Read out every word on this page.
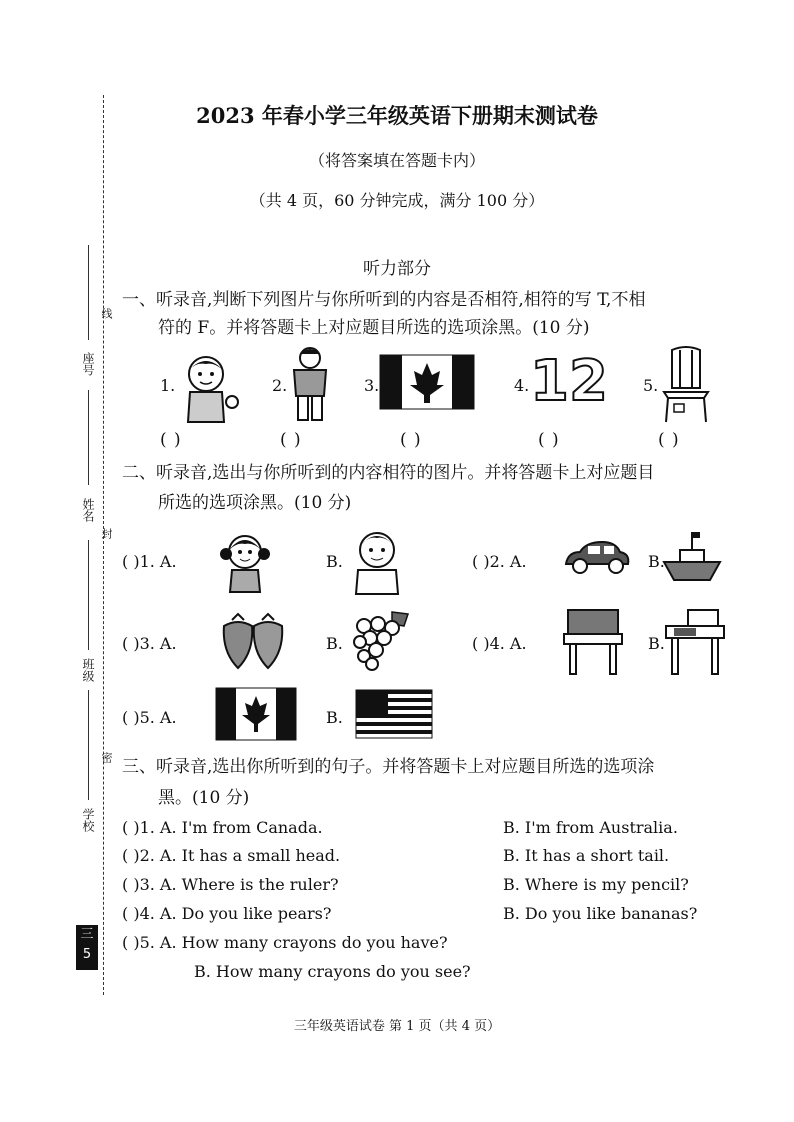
座号
线
姓名
封
班级
密
学校
三
5
2023 年春小学三年级英语下册期末测试卷
（将答案填在答题卡内）
（共 4 页，60 分钟完成，满分 100 分）
听力部分
一、听录音,判断下列图片与你所听到的内容是否相符,相符的写 T,不相
符的 F。并将答题卡上对应题目所选的选项涂黑。(10 分)
1.	2.	3.	4.	5.
12
( )	( )	( )	( )	( )
二、听录音,选出与你所听到的内容相符的图片。并将答题卡上对应题目
所选的选项涂黑。(10 分)
( )1. A.	B.	( )2. A.	B.
( )3. A.	B.	( )4. A.	B.
( )5. A.	B.
三、听录音,选出你所听到的句子。并将答题卡上对应题目所选的选项涂
黑。(10 分)
( )1. A. I'm from Canada.	B. I'm from Australia.
( )2. A. It has a small head.	B. It has a short tail.
( )3. A. Where is the ruler?	B. Where is my pencil?
( )4. A. Do you like pears?	B. Do you like bananas?
( )5. A. How many crayons do you have?
B. How many crayons do you see?
三年级英语试卷 第 1 页（共 4 页）
